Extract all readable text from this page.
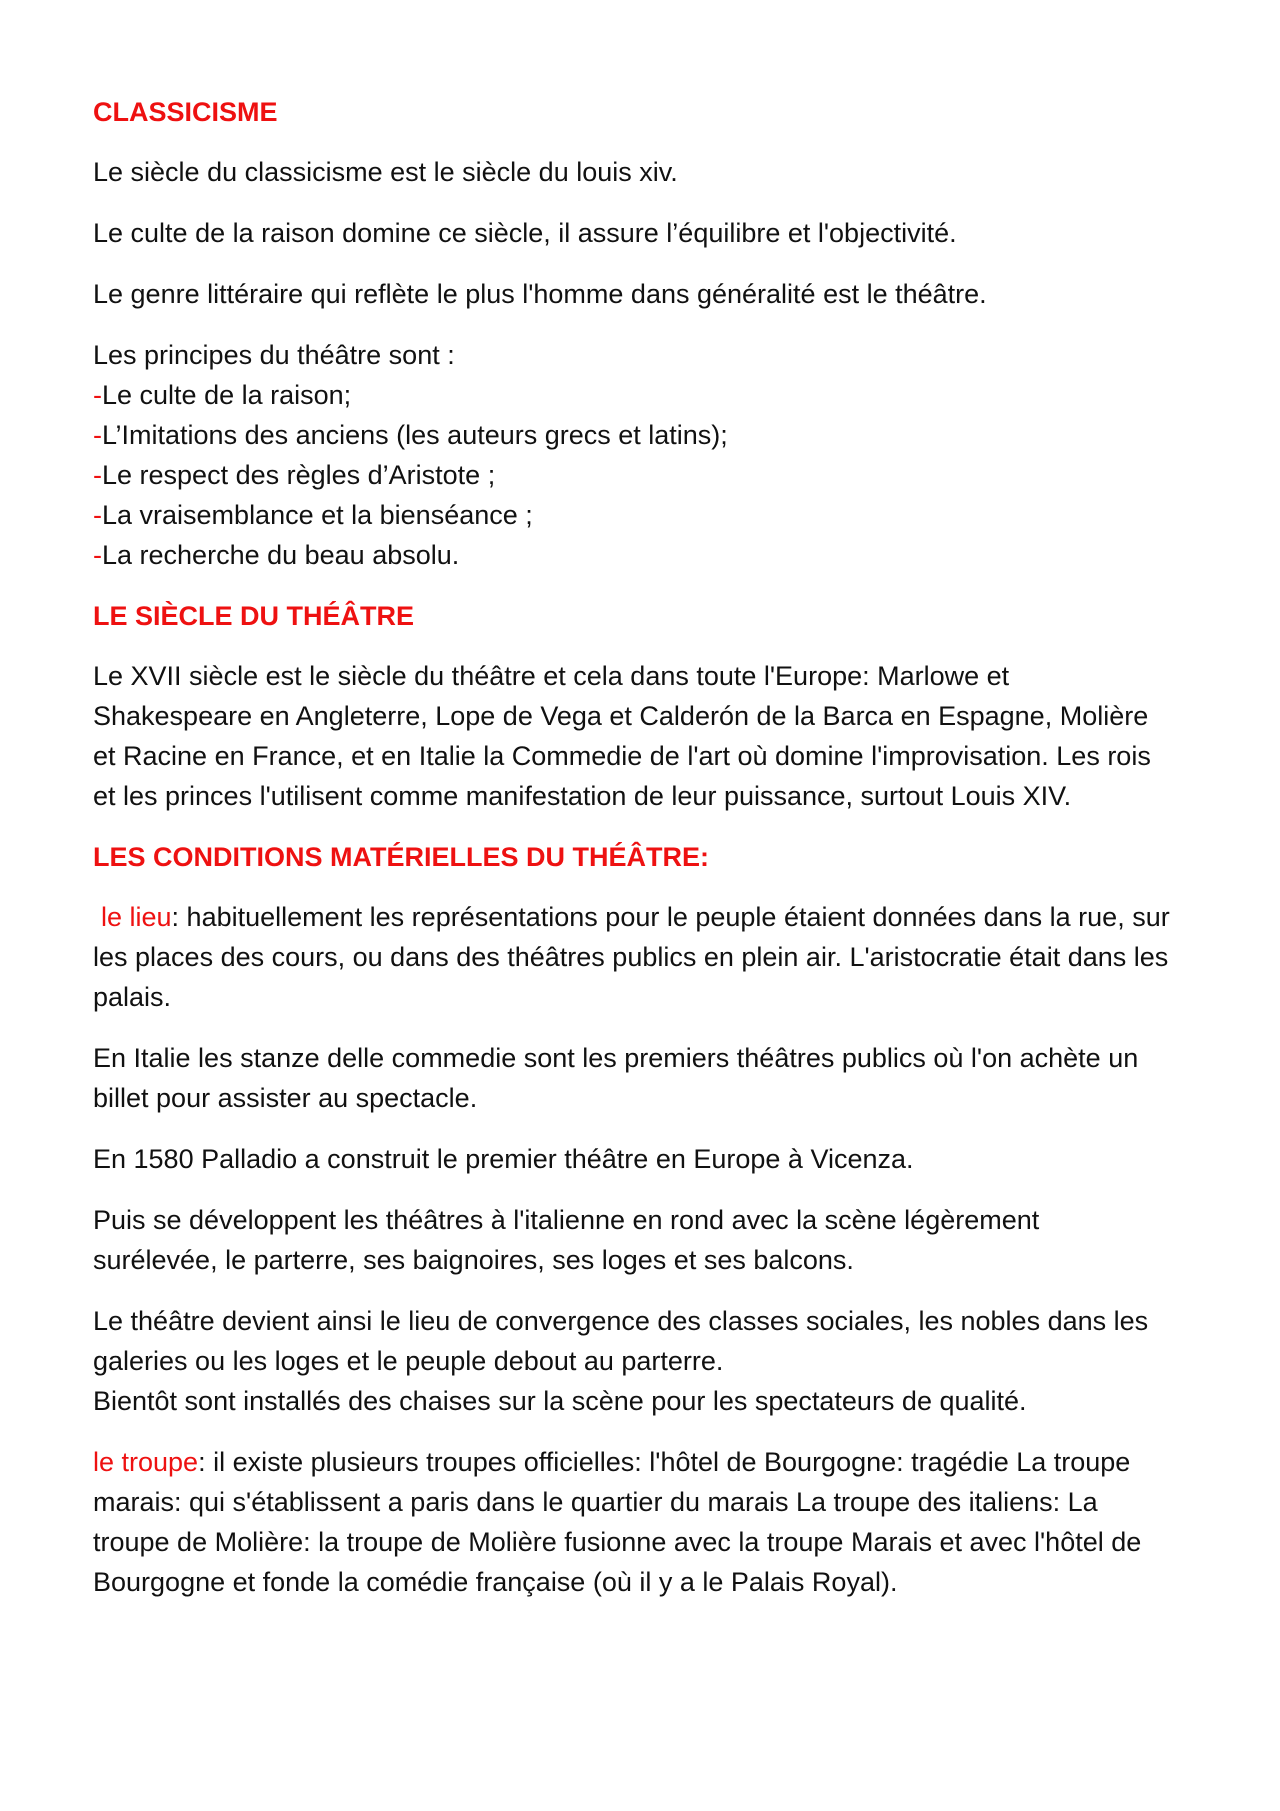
CLASSICISME

Le siècle du classicisme est le siècle du louis xiv.

Le culte de la raison domine ce siècle, il assure l’équilibre et l'objectivité.

Le genre littéraire qui reflète le plus l'homme dans généralité est le théâtre.

Les principes du théâtre sont :
-Le culte de la raison;
-L’Imitations des anciens (les auteurs grecs et latins);
-Le respect des règles d’Aristote ;
-La vraisemblance et la bienséance ;
-La recherche du beau absolu.
LE SIÈCLE DU THÉÂTRE

Le XVII siècle est le siècle du théâtre et cela dans toute l'Europe: Marlowe et Shakespeare en Angleterre, Lope de Vega et Calderón de la Barca en Espagne, Molière et Racine en France, et en Italie la Commedie de l'art où domine l'improvisation. Les rois et les princes l'utilisent comme manifestation de leur puissance, surtout Louis XIV.

LES CONDITIONS MATÉRIELLES DU THÉÂTRE:

le lieu: habituellement les représentations pour le peuple étaient données dans la rue, sur les places des cours, ou dans des théâtres publics en plein air. L'aristocratie était dans les palais.

En Italie les stanze delle commedie sont les premiers théâtres publics où l'on achète un billet pour assister au spectacle.

En 1580 Palladio a construit le premier théâtre en Europe à Vicenza.

Puis se développent les théâtres à l'italienne en rond avec la scène légèrement surélevée, le parterre, ses baignoires, ses loges et ses balcons.

Le théâtre devient ainsi le lieu de convergence des classes sociales, les nobles dans les galeries ou les loges et le peuple debout au parterre.
Bientôt sont installés des chaises sur la scène pour les spectateurs de qualité.

le troupe: il existe plusieurs troupes officielles: l'hôtel de Bourgogne: tragédie La troupe marais: qui s'établissent a paris dans le quartier du marais La troupe des italiens: La troupe de Molière: la troupe de Molière fusionne avec la troupe Marais et avec l'hôtel de Bourgogne et fonde la comédie française (où il y a le Palais Royal).
